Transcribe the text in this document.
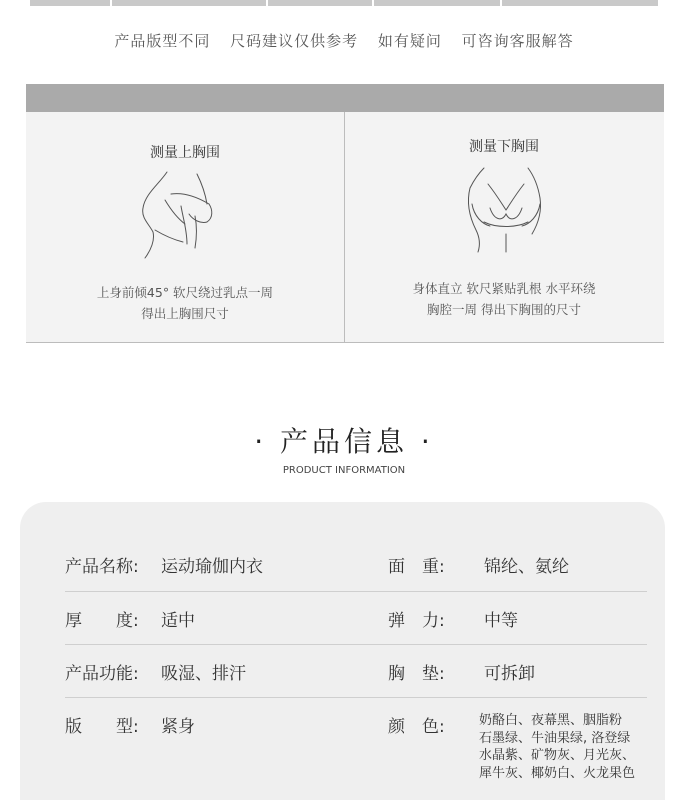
产品版型不同 尺码建议仅供参考 如有疑问 可咨询客服解答
测量上胸围
上身前倾45° 软尺绕过乳点一周
得出上胸围尺寸
测量下胸围
身体直立 软尺紧贴乳根 水平环绕
胸腔一周 得出下胸围的尺寸
· 产品信息 ·
PRODUCT INFORMATION
产品名称: 运动瑜伽内衣	面　重:	锦纶、氨纶
厚　　度: 适中	弹　力:	中等
产品功能: 吸湿、排汗	胸　垫:	可拆卸
版　　型: 紧身	颜　色:	奶酪白、夜幕黑、胭脂粉
石墨绿、牛油果绿, 洛登绿
水晶紫、矿物灰、月光灰、
犀牛灰、椰奶白、火龙果色
